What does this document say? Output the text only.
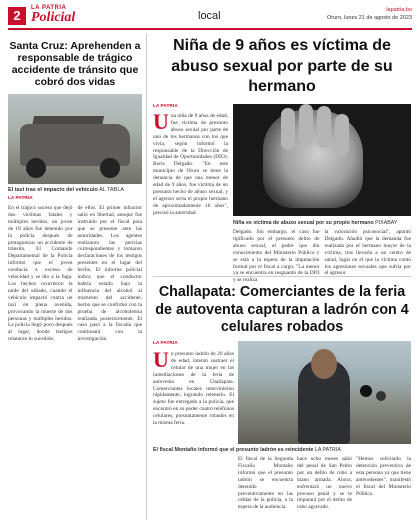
2	LA PATRIA
Policial	local	lapatria.bo
Oruro, lunes 21 de agosto de 2023
Santa Cruz: Aprehenden a responsable de trágico accidente de tránsito que cobró dos vidas
El taxi tras el impacto del vehículo AL TABLA
LA PATRIA
En el trágico suceso que dejó dos víctimas fatales y múltiples heridos, un joven de 18 años fue detenido por la policía después de protagonizar un accidente de tránsito. El Comando Departamental de la Policía informó que el joven conducía a exceso de velocidad y se dio a la fuga. Los hechos ocurrieron la tarde del sábado, cuando el vehículo impactó contra un taxi en plena avenida, provocando la muerte de dos personas y múltiples heridos. La policía llegó poco después al lugar, donde testigos relataron lo sucedido.
de ellos. El primer infractor salió en libertad, aunque fue instruido por el fiscal para que se presente ante las autoridades. Los agentes realizaron las pericias correspondientes y tomaron declaraciones de los testigos presentes en el lugar del hecho. El informe policial indica que el conductor habría estado bajo la influencia del alcohol al momento del accidente, hecho que se confirmó con la prueba de alcoholemia realizada posteriormente. El caso pasó a la fiscalía que continuará con la investigación.
Niña de 9 años es víctima de abuso sexual por parte de su hermano
LA PATRIA
Una niña de 9 años de edad, fue víctima de presunto abuso sexual por parte de uno de los hermanos con los que vivía, según informó la responsable de la Dirección de Igualdad de Oportunidades (DIO). Boris Delgado. "En este municipio de Oruro se tiene la denuncia de que una menor de edad de 9 años, fue víctima de un presunto hecho de abuso sexual, y el agresor sería el propio hermano de aproximadamente 16 años", precisó la autoridad.
Niña es víctima de abuso sexual por su propio hermano PIXABAY
Delgado. Sin embargo, el caso fue tipificado por el presunto delito de abuso sexual, el padre que dio conocimiento del Ministerio Público y se está a la espera de la imputación formal por el fiscal a cargo. "La menor ya se encuentra en resguardo de la DIO y se realiza
la valoración psicosocial", apuntó Delgado. Añadió que la demanda fue realizada por el hermano mayor de la víctima, tras llevarla a un centro de salud, lugar en el que la víctima contó los agresiones sexuales que sufría por el agresor.
Challapata: Comerciantes de la feria de autoventa capturan a ladrón con 4 celulares robados
LA PATRIA
Un presunto ladrón de 20 años de edad, intentó sustraer el celular de una mujer en las inmediaciones de la feria de autoventa en Challapata. Comerciantes locales intervinieron rápidamente, logrando retenerlo. El sujeto fue entregado a la policía, que encontró en su poder cuatro teléfonos celulares, presuntamente robados en la misma feria.
El fiscal Montaño informó que el presunto ladrón es reincidente LA PATRIA
El fiscal de la Segunda Fiscalía Montaño informó que el presunto ladrón se encuentra detenido preventivamente en las celdas de la policía, a la espera de la audiencia.
hace ocho meses salió del penal de San Pedro por un delito de robo a mano armada. Ahora, enfrentará un nuevo proceso penal y se le imputará por el delito de robo agravado.
"Hemos solicitado la detención preventiva de esta persona ya que tiene antecedentes", manifestó el fiscal del Ministerio Público.
